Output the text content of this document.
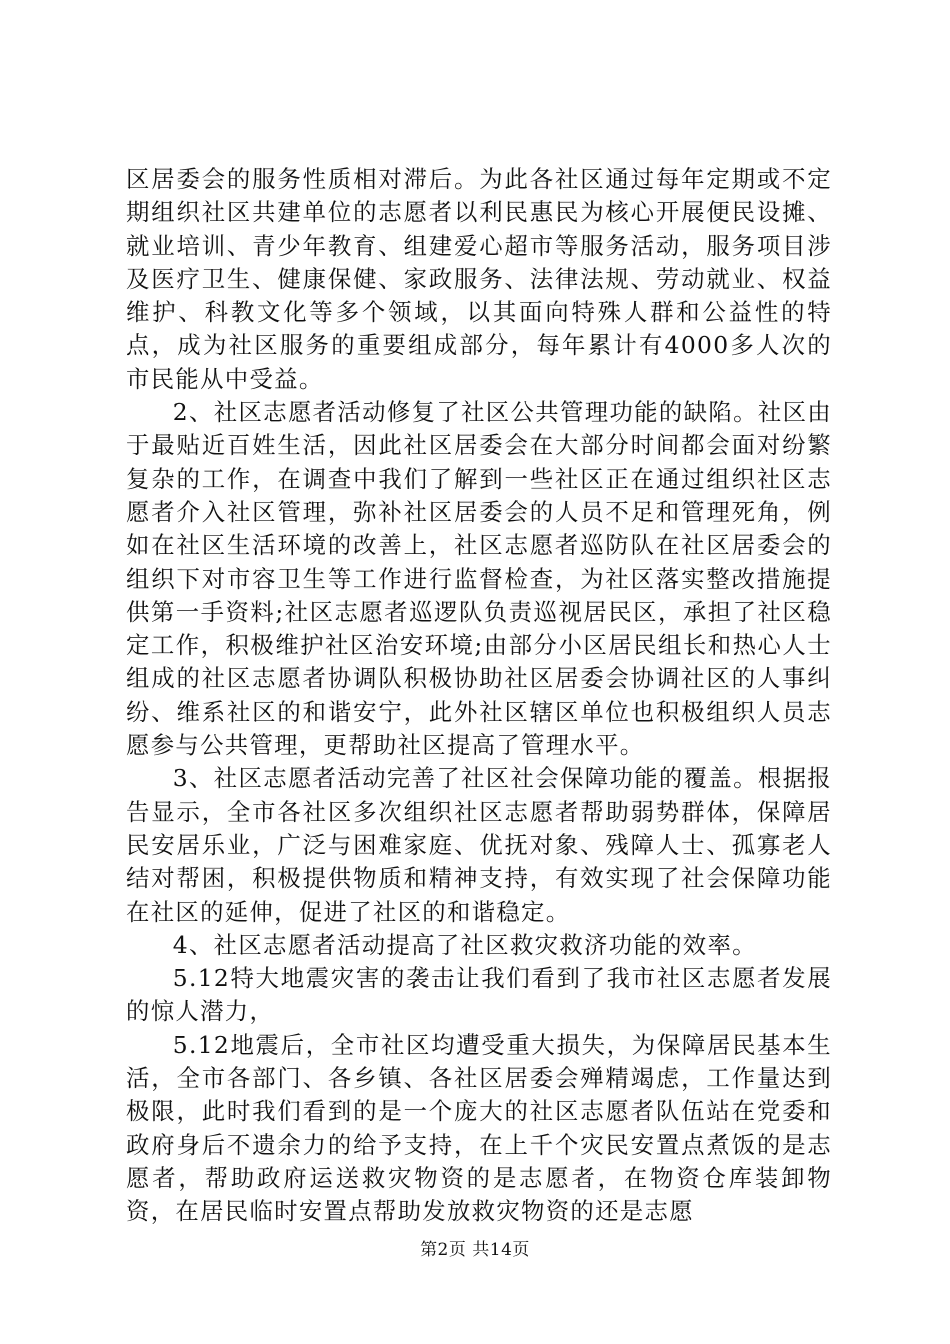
区居委会的服务性质相对滞后。为此各社区通过每年定期或不定期组织社区共建单位的志愿者以利民惠民为核心开展便民设摊、就业培训、青少年教育、组建爱心超市等服务活动，服务项目涉及医疗卫生、健康保健、家政服务、法律法规、劳动就业、权益维护、科教文化等多个领域，以其面向特殊人群和公益性的特点，成为社区服务的重要组成部分，每年累计有4000多人次的市民能从中受益。

2、社区志愿者活动修复了社区公共管理功能的缺陷。社区由于最贴近百姓生活，因此社区居委会在大部分时间都会面对纷繁复杂的工作，在调查中我们了解到一些社区正在通过组织社区志愿者介入社区管理，弥补社区居委会的人员不足和管理死角，例如在社区生活环境的改善上，社区志愿者巡防队在社区居委会的组织下对市容卫生等工作进行监督检查，为社区落实整改措施提供第一手资料;社区志愿者巡逻队负责巡视居民区，承担了社区稳定工作，积极维护社区治安环境;由部分小区居民组长和热心人士组成的社区志愿者协调队积极协助社区居委会协调社区的人事纠纷、维系社区的和谐安宁，此外社区辖区单位也积极组织人员志愿参与公共管理，更帮助社区提高了管理水平。

3、社区志愿者活动完善了社区社会保障功能的覆盖。根据报告显示，全市各社区多次组织社区志愿者帮助弱势群体，保障居民安居乐业，广泛与困难家庭、优抚对象、残障人士、孤寡老人结对帮困，积极提供物质和精神支持，有效实现了社会保障功能在社区的延伸，促进了社区的和谐稳定。

4、社区志愿者活动提高了社区救灾救济功能的效率。

5.12特大地震灾害的袭击让我们看到了我市社区志愿者发展的惊人潜力，

5.12地震后，全市社区均遭受重大损失，为保障居民基本生活，全市各部门、各乡镇、各社区居委会殚精竭虑，工作量达到极限，此时我们看到的是一个庞大的社区志愿者队伍站在党委和政府身后不遗余力的给予支持，在上千个灾民安置点煮饭的是志愿者，帮助政府运送救灾物资的是志愿者，在物资仓库装卸物资，在居民临时安置点帮助发放救灾物资的还是志愿

第2页 共14页
